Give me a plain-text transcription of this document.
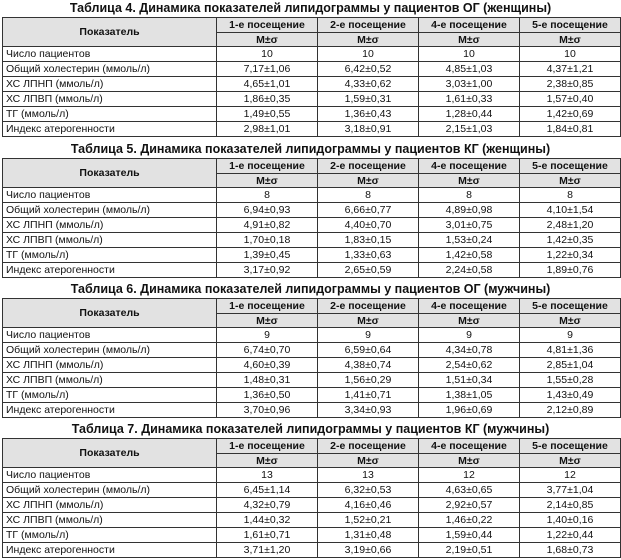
Таблица 4. Динамика показателей липидограммы у пациентов ОГ (женщины)
Показатель	1-е посещение	2-е посещение	4-е посещение	5-е посещение
	M±σ	M±σ	M±σ	M±σ
Число пациентов	10	10	10	10
Общий холестерин (ммоль/л)	7,17±1,06	6,42±0,52	4,85±1,03	4,37±1,21
ХС ЛПНП (ммоль/л)	4,65±1,01	4,33±0,62	3,03±1,00	2,38±0,85
ХС ЛПВП (ммоль/л)	1,86±0,35	1,59±0,31	1,61±0,33	1,57±0,40
ТГ (ммоль/л)	1,49±0,55	1,36±0,43	1,28±0,44	1,42±0,69
Индекс атерогенности	2,98±1,01	3,18±0,91	2,15±1,03	1,84±0,81
Таблица 5. Динамика показателей липидограммы у пациентов КГ (женщины)
Показатель	1-е посещение	2-е посещение	4-е посещение	5-е посещение
	M±σ	M±σ	M±σ	M±σ
Число пациентов	8	8	8	8
Общий холестерин (ммоль/л)	6,94±0,93	6,66±0,77	4,89±0,98	4,10±1,54
ХС ЛПНП (ммоль/л)	4,91±0,82	4,40±0,70	3,01±0,75	2,48±1,20
ХС ЛПВП (ммоль/л)	1,70±0,18	1,83±0,15	1,53±0,24	1,42±0,35
ТГ (ммоль/л)	1,39±0,45	1,33±0,63	1,42±0,58	1,22±0,34
Индекс атерогенности	3,17±0,92	2,65±0,59	2,24±0,58	1,89±0,76
Таблица 6. Динамика показателей липидограммы у пациентов ОГ (мужчины)
Показатель	1-е посещение	2-е посещение	4-е посещение	5-е посещение
	M±σ	M±σ	M±σ	M±σ
Число пациентов	9	9	9	9
Общий холестерин (ммоль/л)	6,74±0,70	6,59±0,64	4,34±0,78	4,81±1,36
ХС ЛПНП (ммоль/л)	4,60±0,39	4,38±0,74	2,54±0,62	2,85±1,04
ХС ЛПВП (ммоль/л)	1,48±0,31	1,56±0,29	1,51±0,34	1,55±0,28
ТГ (ммоль/л)	1,36±0,50	1,41±0,71	1,38±1,05	1,43±0,49
Индекс атерогенности	3,70±0,96	3,34±0,93	1,96±0,69	2,12±0,89
Таблица 7. Динамика показателей липидограммы у пациентов КГ (мужчины)
Показатель	1-е посещение	2-е посещение	4-е посещение	5-е посещение
	M±σ	M±σ	M±σ	M±σ
Число пациентов	13	13	12	12
Общий холестерин (ммоль/л)	6,45±1,14	6,32±0,53	4,63±0,65	3,77±1,04
ХС ЛПНП (ммоль/л)	4,32±0,79	4,16±0,46	2,92±0,57	2,14±0,85
ХС ЛПВП (ммоль/л)	1,44±0,32	1,52±0,21	1,46±0,22	1,40±0,16
ТГ (ммоль/л)	1,61±0,71	1,31±0,48	1,59±0,44	1,22±0,44
Индекс атерогенности	3,71±1,20	3,19±0,66	2,19±0,51	1,68±0,73
